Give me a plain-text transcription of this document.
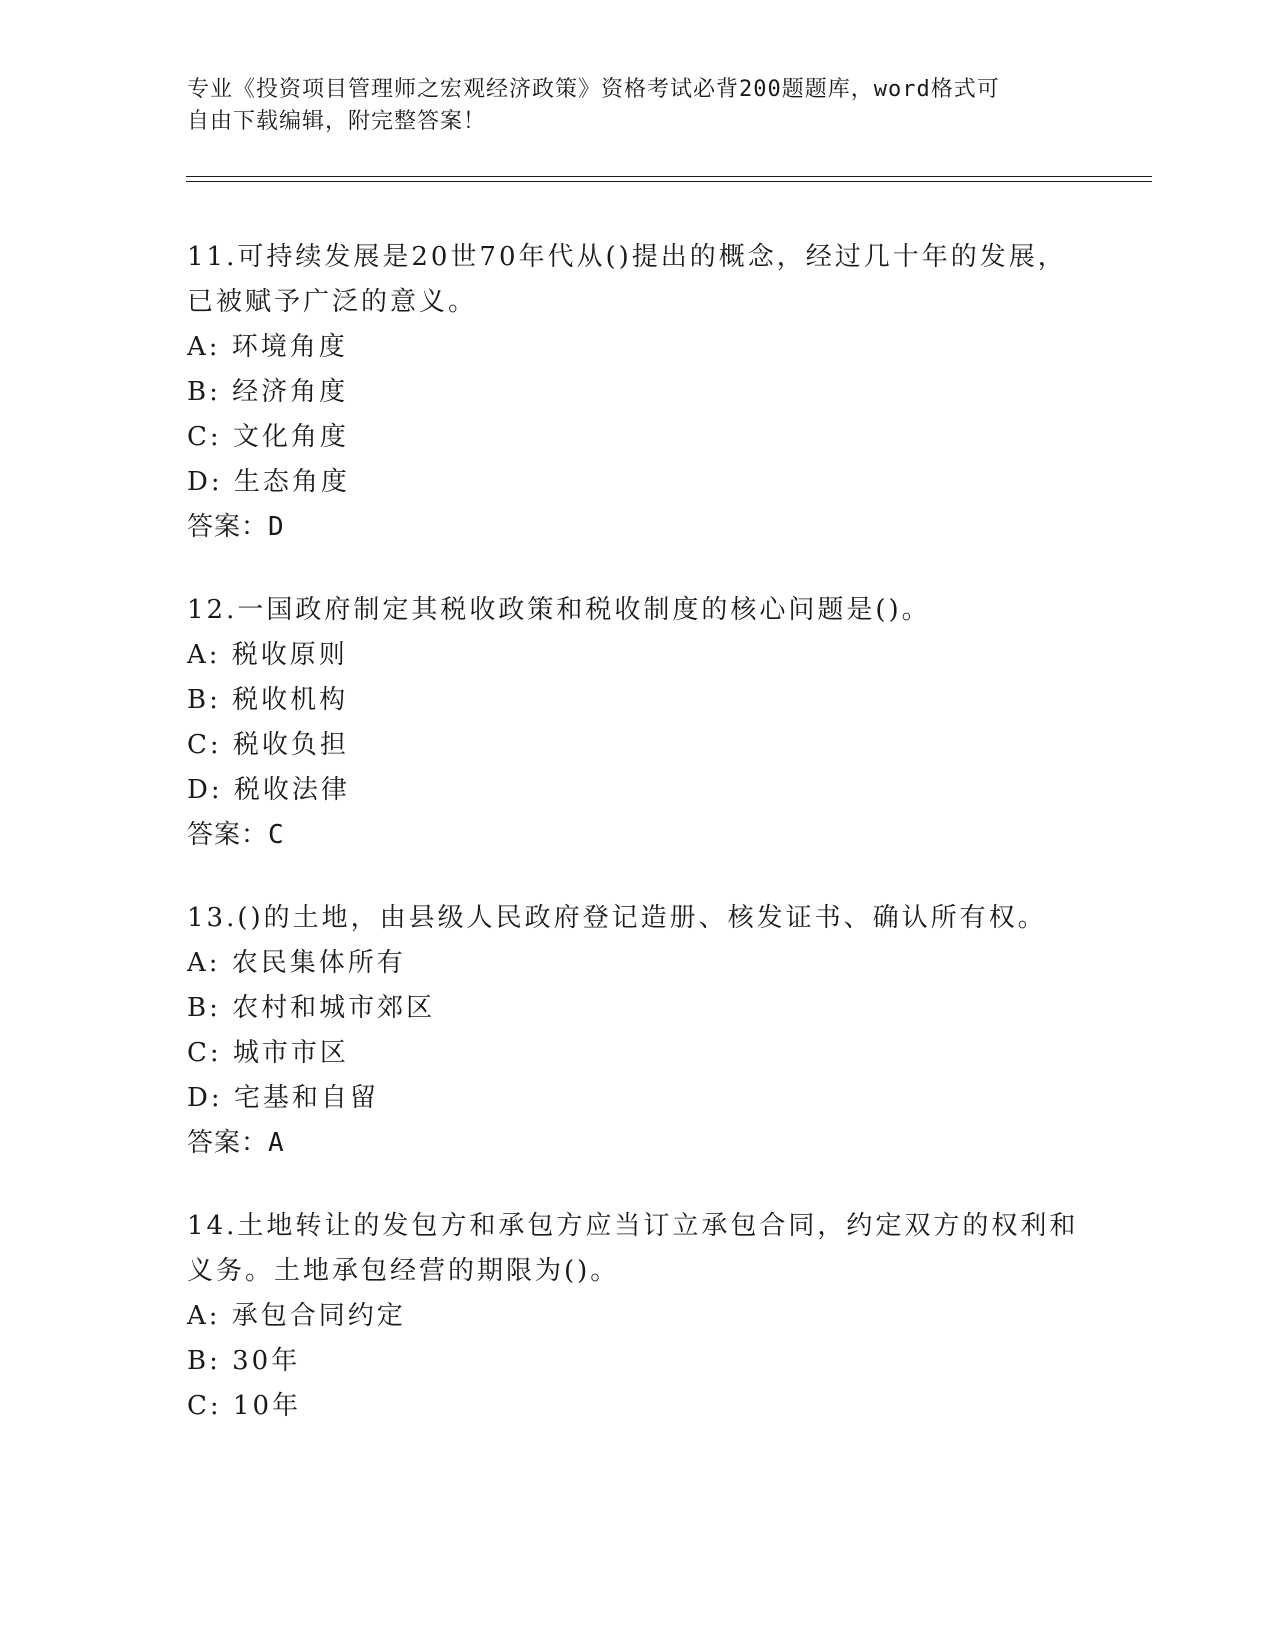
专业《投资项目管理师之宏观经济政策》资格考试必背200题题库，word格式可
自由下载编辑，附完整答案！
11.可持续发展是20世70年代从()提出的概念，经过几十年的发展，
已被赋予广泛的意义。
A: 环境角度
B: 经济角度
C: 文化角度
D: 生态角度
答案：D
12.一国政府制定其税收政策和税收制度的核心问题是()。
A: 税收原则
B: 税收机构
C: 税收负担
D: 税收法律
答案：C
13.()的土地，由县级人民政府登记造册、核发证书、确认所有权。
A: 农民集体所有
B: 农村和城市郊区
C: 城市市区
D: 宅基和自留
答案：A
14.土地转让的发包方和承包方应当订立承包合同，约定双方的权利和
义务。土地承包经营的期限为()。
A: 承包合同约定
B: 30年
C: 10年
